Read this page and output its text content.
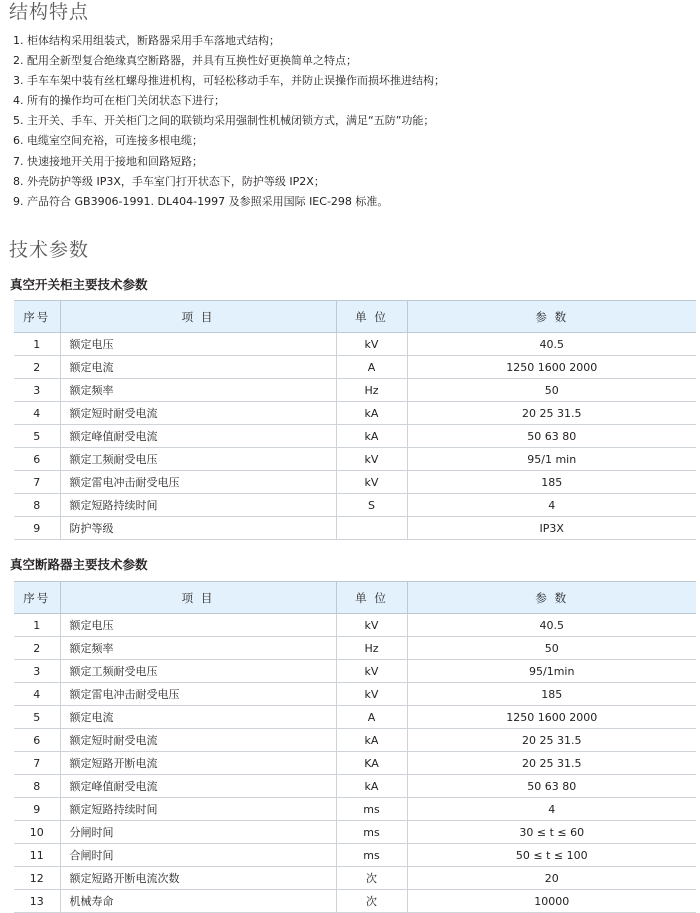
结构特点
1. 柜体结构采用组装式，断路器采用手车落地式结构；
2. 配用全新型复合绝缘真空断路器，并具有互换性好更换简单之特点；
3. 手车车架中装有丝杠螺母推进机构，可轻松移动手车，并防止误操作而损坏推进结构；
4. 所有的操作均可在柜门关闭状态下进行；
5. 主开关、手车、开关柜门之间的联锁均采用强制性机械闭锁方式，满足“五防”功能；
6. 电缆室空间充裕，可连接多根电缆；
7. 快速接地开关用于接地和回路短路；
8. 外壳防护等级 IP3X，手车室门打开状态下，防护等级 IP2X；
9. 产品符合 GB3906-1991. DL404-1997 及参照采用国际 IEC-298 标准。
技术参数
真空开关柜主要技术参数
序号	项 目	单 位	参 数
1	额定电压	kV	40.5
2	额定电流	A	1250 1600 2000
3	额定频率	Hz	50
4	额定短时耐受电流	kA	20 25 31.5
5	额定峰值耐受电流	kA	50 63 80
6	额定工频耐受电压	kV	95/1 min
7	额定雷电冲击耐受电压	kV	185
8	额定短路持续时间	S	4
9	防护等级		IP3X
真空断路器主要技术参数
序号	项 目	单 位	参 数
1	额定电压	kV	40.5
2	额定频率	Hz	50
3	额定工频耐受电压	kV	95/1min
4	额定雷电冲击耐受电压	kV	185
5	额定电流	A	1250 1600 2000
6	额定短时耐受电流	kA	20 25 31.5
7	额定短路开断电流	KA	20 25 31.5
8	额定峰值耐受电流	kA	50 63 80
9	额定短路持续时间	ms	4
10	分闸时间	ms	30 ≤ t ≤ 60
11	合闸时间	ms	50 ≤ t ≤ 100
12	额定短路开断电流次数	次	20
13	机械寿命	次	10000
